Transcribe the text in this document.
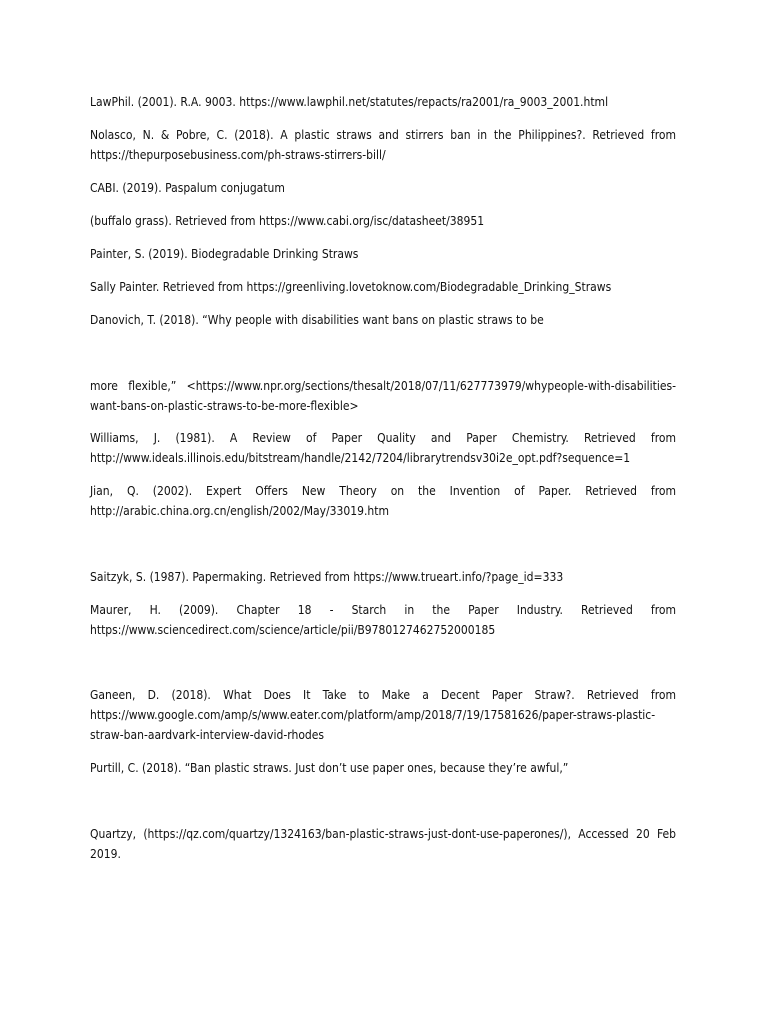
LawPhil. (2001). R.A. 9003. https://www.lawphil.net/statutes/repacts/ra2001/ra_9003_2001.html

Nolasco, N. & Pobre, C. (2018). A plastic straws and stirrers ban in the Philippines?. Retrieved from https://thepurposebusiness.com/ph-straws-stirrers-bill/

CABI. (2019). Paspalum conjugatum

(buffalo grass). Retrieved from https://www.cabi.org/isc/datasheet/38951

Painter, S. (2019). Biodegradable Drinking Straws

Sally Painter. Retrieved from https://greenliving.lovetoknow.com/Biodegradable_Drinking_Straws

Danovich, T. (2018). “Why people with disabilities want bans on plastic straws to be

more flexible,” <https://www.npr.org/sections/thesalt/2018/07/11/627773979/whypeople-with-disabilities-want-bans-on-plastic-straws-to-be-more-flexible>

Williams, J. (1981). A Review of Paper Quality and Paper Chemistry. Retrieved from http://www.ideals.illinois.edu/bitstream/handle/2142/7204/librarytrendsv30i2e_opt.pdf?sequence=1

Jian, Q. (2002). Expert Offers New Theory on the Invention of Paper. Retrieved from http://arabic.china.org.cn/english/2002/May/33019.htm

Saitzyk, S. (1987). Papermaking. Retrieved from https://www.trueart.info/?page_id=333

Maurer, H. (2009). Chapter 18 - Starch in the Paper Industry. Retrieved from https://www.sciencedirect.com/science/article/pii/B9780127462752000185

Ganeen, D. (2018). What Does It Take to Make a Decent Paper Straw?. Retrieved from https://www.google.com/amp/s/www.eater.com/platform/amp/2018/7/19/17581626/paper-straws-plastic-straw-ban-aardvark-interview-david-rhodes

Purtill, C. (2018). “Ban plastic straws. Just don’t use paper ones, because they’re awful,”

Quartzy, (https://qz.com/quartzy/1324163/ban-plastic-straws-just-dont-use-paperones/), Accessed 20 Feb 2019.
